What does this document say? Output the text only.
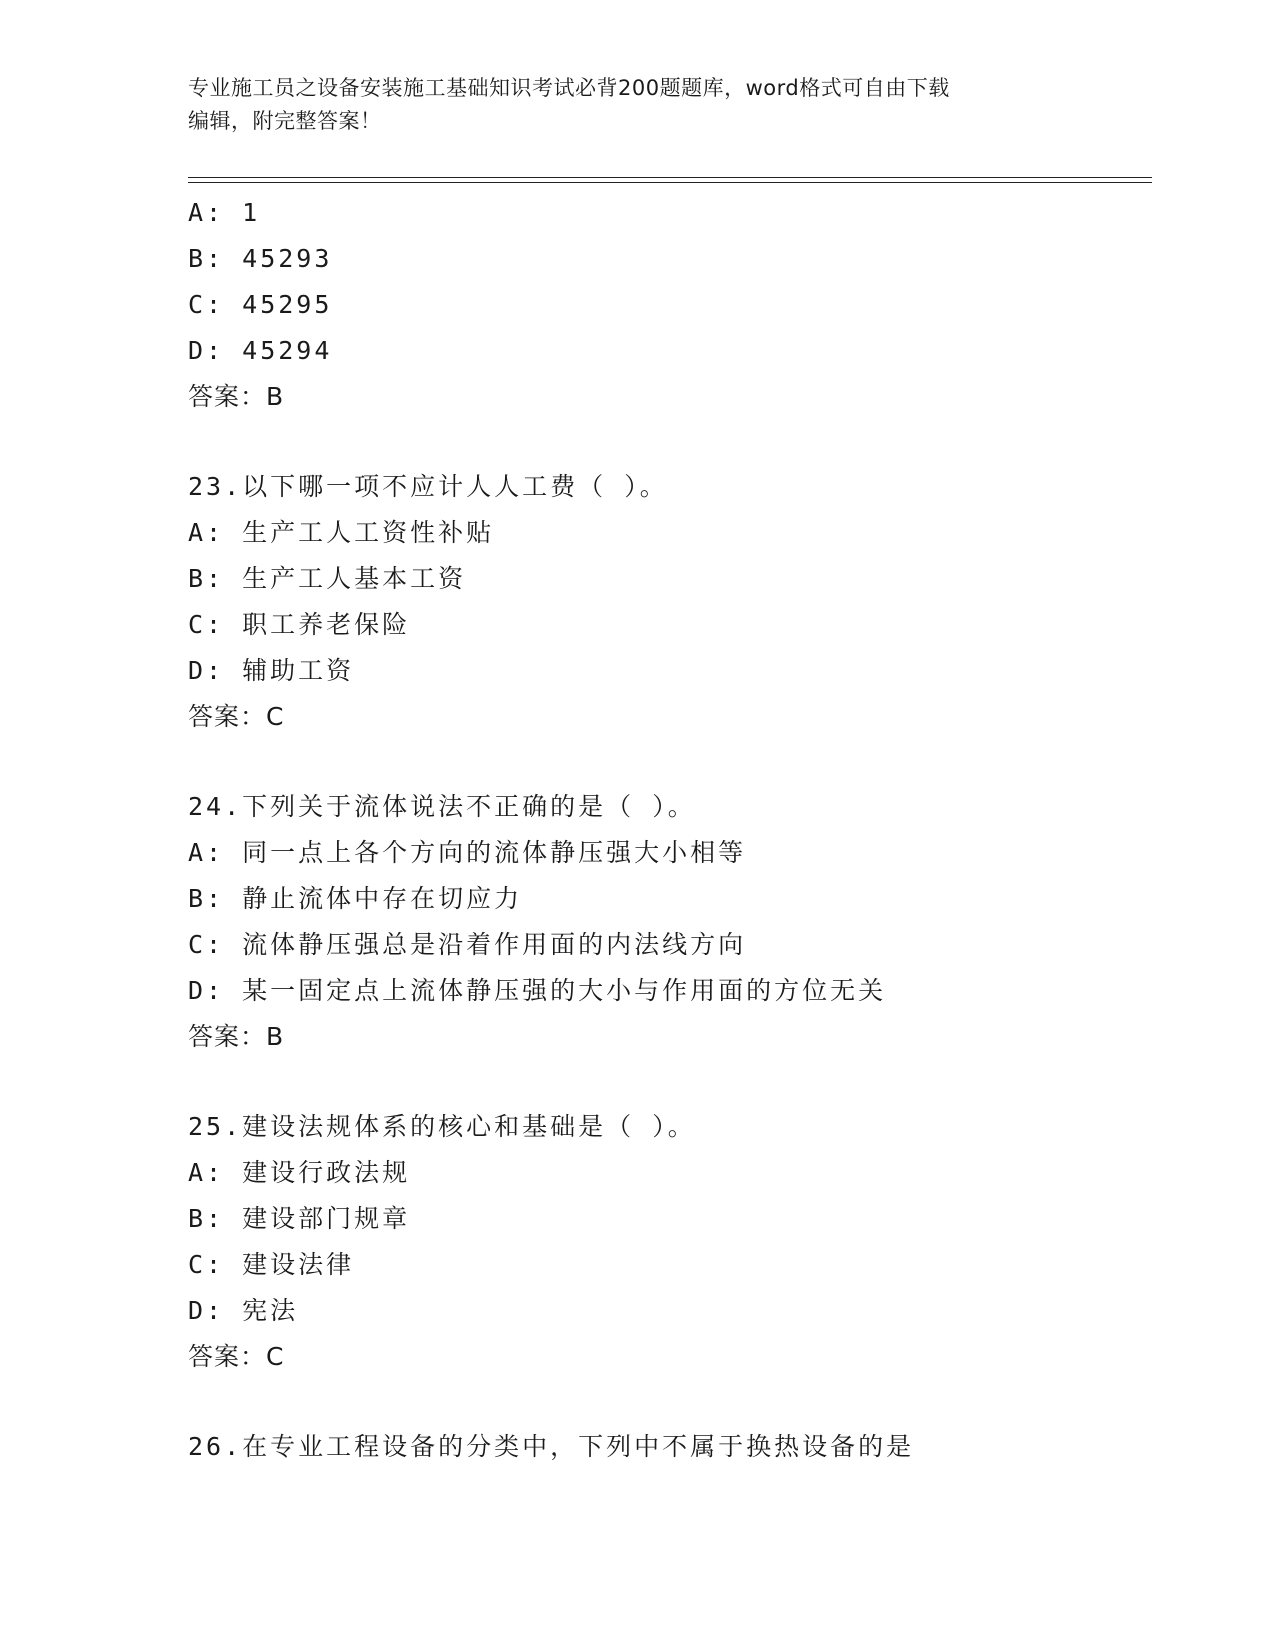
专业施工员之设备安装施工基础知识考试必背200题题库，word格式可自由下载
编辑，附完整答案！
A: 1
B: 45293
C: 45295
D: 45294
答案：B
23.以下哪一项不应计人人工费（ ）。
A: 生产工人工资性补贴
B: 生产工人基本工资
C: 职工养老保险
D: 辅助工资
答案：C
24.下列关于流体说法不正确的是（ ）。
A: 同一点上各个方向的流体静压强大小相等
B: 静止流体中存在切应力
C: 流体静压强总是沿着作用面的内法线方向
D: 某一固定点上流体静压强的大小与作用面的方位无关
答案：B
25.建设法规体系的核心和基础是（ ）。
A: 建设行政法规
B: 建设部门规章
C: 建设法律
D: 宪法
答案：C
26.在专业工程设备的分类中，下列中不属于换热设备的是
